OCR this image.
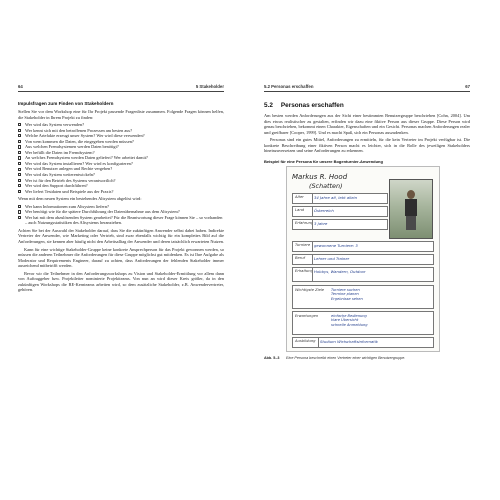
64	5 Stakeholder
Impulsfragen zum Finden von Stakeholdern

Stellen Sie vor dem Workshop eine für Ihr Projekt passende Fragenliste zusammen. Folgende Fragen können helfen, die Stakeholder in Ihrem Projekt zu finden:

Wer wird das System verwenden?
Wer kennt sich mit den betroffenen Prozessen am besten aus?
Welche Artefakte erzeugt unser System? Wer wird diese verwenden?
Von wem kommen die Daten, die eingegeben werden müssen?
Aus welchen Fremdsystemen werden Daten benötigt?
Wer befüllt die Daten im Fremdsystem?
An welches Fremdsystem werden Daten geliefert? Wer arbeitet damit?
Wer wird das System installieren? Wer wird es konfigurieren?
Wer wird Benutzer anlegen und Rechte vergeben?
Wer wird das System weiterentwickeln?
Wer ist für den Betrieb des Systems verantwortlich?
Wer wird den Support durchführen?
Wer liefert Testdaten und Beispiele aus der Praxis?

Wenn mit dem neuen System ein bestehendes Altsystem abgelöst wird:

Wer kann Informationen zum Altsystem liefern?
Wer benötigt wie für die spätere Durchführung der Datenübernahme aus dem Altsystem?
Wer hat mit dem abzulösenden System gearbeitet? Für die Beantwortung dieser Frage können Sie – so vorhanden – auch Nutzungsstatistiken des Altsystems heranziehen.

Achten Sie bei der Auswahl der Stakeholder darauf, dass Sie die zukünftigen Anwender selbst dabei haben. Indirekte Vertreter der Anwender, wie Marketing oder Vertrieb, sind zwar ebenfalls wichtig für ein komplettes Bild auf die Anforderungen, sie kennen aber häufig nicht den Arbeitsalltag der Anwender und deren tatsächlich erwarteten Nutzen.

Kann für eine wichtige Stakeholder-Gruppe keine konkrete Ansprechperson für das Projekt gewonnen werden, so müssen die anderen Teilnehmer die Anforderungen für diese Gruppe möglichst gut mitdenken. Es ist Ihre Aufgabe als Moderator und Requirements Engineer, darauf zu achten, dass Anforderungen der fehlenden Stakeholder immer ausreichend mitbetrifft werden.

Bevor wir die Teilnehmer in den Anforderungsworkshops zu Vision und Stakeholder-Ermittlung vor allem dann von Auftraggeber bzw. Projektleiter nominierte Projektteams. Von nun an wird dieser Kreis größer, da in den zukünftigen Workshops die RE-Kernteams arbeiten wird, so dem zusätzliche Stakeholder, z.B. Anwendervertreter, gehören.

5.2 Personas erschaffen	67
5.2 Personas erschaffen

Am besten werden Anforderungen aus der Sicht einer bestimmten Benutzergruppe beschrieben [Cohn, 2004]. Um dies etwas realistischer zu gestalten, erfinden wir dazu eine fiktive Person aus dieser Gruppe. Diese Person wird genau beschrieben, bekommt einen Charakter, Eigenschaften und ein Gesicht. Personas machen Anforderungen realer und greifbarer [Cooper, 1999]. Und es macht Spaß, sich ein Personas auszudenken.

Personas sind ein gutes Mittel, Anforderungen zu ermitteln, für die kein Vertreter im Projekt verfügbar ist. Die konkrete Beschreibung einer fiktiven Person macht es leichter, sich in die Rolle des jeweiligen Stakeholders hineinzuversetzen und seine Anforderungen zu erkennen.

Beispiel für eine Persona für unsere Bogenturnier-Anwendung
Markus R. Hood
(Schatten)
Alter	34 Jahre alt, lebt allein
Land	Österreich
Erfahrung 3 Jahre
Turniere gewonnene Turniere: 3
Beruf Lehrer und Trainer
Erhaltung Hobbys, Wandern, Outdoor
Wichtigste Ziele Turniere suchen
Termine planen
Ergebnisse sehen
Erwartungen	einfache Bedienung
klare Übersicht
schnelle Anmeldung
Ausbildung Studium Wirtschaftsinformatik
Abb. 5–3 Eine Persona beschreibt einen Vertreter einer wichtigen Benutzergruppe.
